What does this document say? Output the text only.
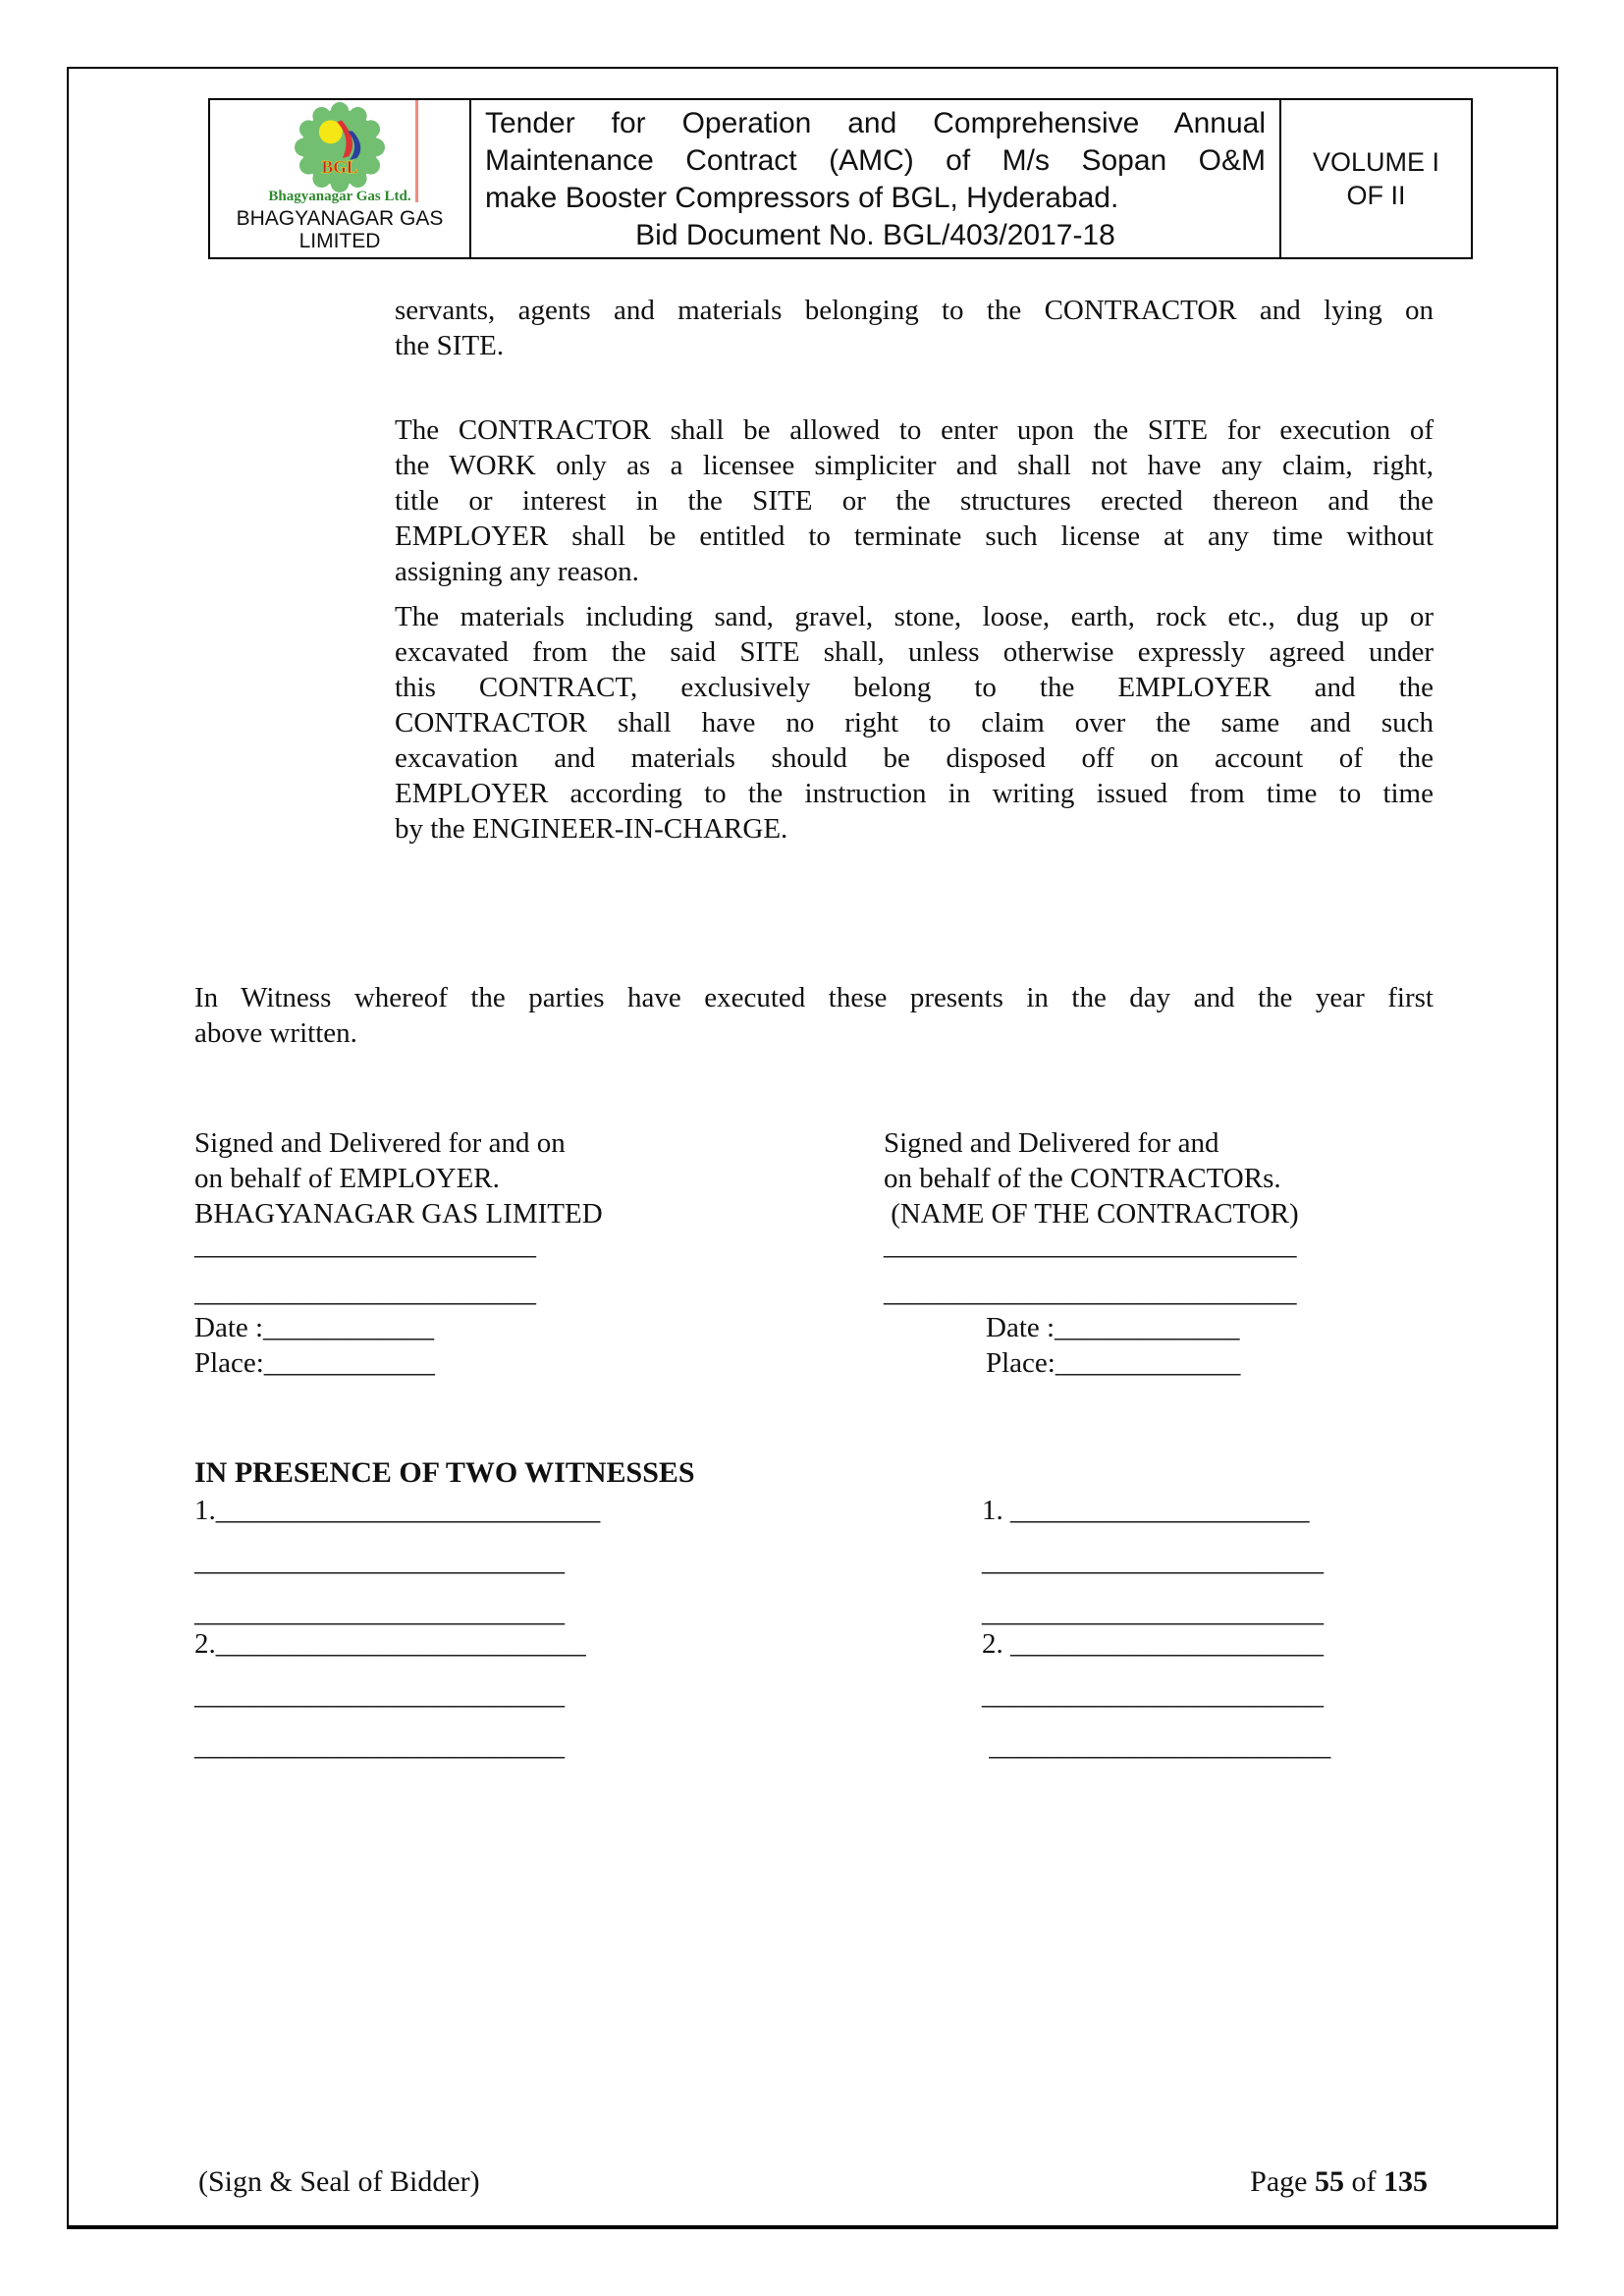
BGL
Bhagyanagar Gas Ltd.
BHAGYANAGAR GAS
LIMITED
Tender for Operation and Comprehensive Annual
Maintenance Contract (AMC) of M/s Sopan O&M
make Booster Compressors of BGL, Hyderabad.
Bid Document No. BGL/403/2017-18
VOLUME I
OF II
servants, agents and materials belonging to the CONTRACTOR and lying on
the SITE.
The CONTRACTOR shall be allowed to enter upon the SITE for execution of
the WORK only as a licensee simpliciter and shall not have any claim, right,
title or interest in the SITE or the structures erected thereon and the
EMPLOYER shall be entitled to terminate such license at any time without
assigning any reason.
The materials including sand, gravel, stone, loose, earth, rock etc., dug up or
excavated from the said SITE shall, unless otherwise expressly agreed under
this CONTRACT, exclusively belong to the EMPLOYER and the
CONTRACTOR shall have no right to claim over the same and such
excavation and materials should be disposed off on account of the
EMPLOYER according to the instruction in writing issued from time to time
by the ENGINEER-IN-CHARGE.
In Witness whereof the parties have executed these presents in the day and the year first
above written.
Signed and Delivered for and on
on behalf of EMPLOYER.
BHAGYANAGAR GAS LIMITED
Signed and Delivered for and
on behalf of the CONTRACTORs.
(NAME OF THE CONTRACTOR)
________________________
________________________
_____________________________
_____________________________
Date :____________
Place:____________
Date :_____________
Place:_____________
IN PRESENCE OF TWO WITNESSES
1.___________________________
__________________________
__________________________
2.__________________________
__________________________
__________________________
1. _____________________
________________________
________________________
2. ______________________
________________________
________________________
(Sign & Seal of Bidder)	Page 55 of 135
